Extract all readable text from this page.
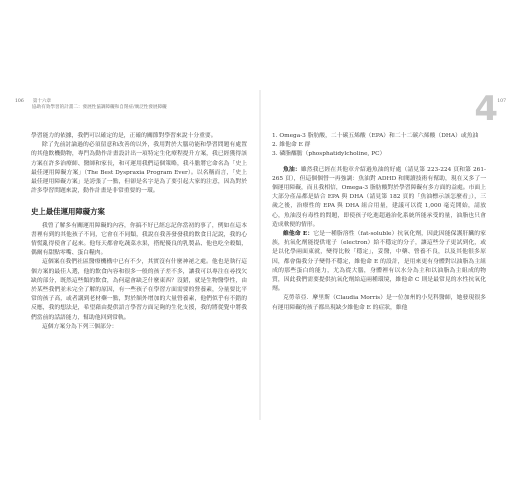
106 第十六章
協助有效學習的計畫二：發展性協調障礙和自閉症/廣泛性發展障礙

學習能力的依據，我們可以確定的是，正確的關節對學習來說十分重要。

除了先前討論過的必須留意和改善的以外，我用對於大腦功能和學習問題有處置的其他飲機動物，專門為動作計畫設計出一項特定生化療程提升方案，我已經獲得該方案在許多治療師、醫師和家長，和可運用我們這個策略，我斗膽將它命名為「史上最佳運用障礙方案」（The Best Dyspraxia Program Ever）。以名稱而言，「史上最佳運用障礙方案」是誇張了一點，但卻是名字是為了要引起大家的注意，因為對於許多學習問題來說，動作計畫是非常重要的一環。

史上最佳運用障礙方案

我曾了解多有關運用障礙的內容，你搞不好已經忘記你當初的事了，例如在這本書裡有到的其他孩子不同，它會在不同類，我說在我善發發我的飲食日記說，我的心情慌亂得使會了起來。他每天都會吃蔬菜水果，搭配優良的乳製品、他也吃全穀類，偶爾有甜點零嘴、蛋白糧肉。

這個案在我們社區醫療機構中已有不少，其實沒有什麼神祕之處。他也是執行這個方案的最佳人選，他的飲食內容和很多一般的孩子差不多，讓我可以專注在尋找欠缺的部分，既然這些類的飲食，為何還會缺乏什麼東西？沒錯，就是生物醫學性，由於某些我們並未完全了解的原因，有一些孩子在學習方面需要的營養素，分量要比平常的孩子高，或者講到老材藥一點，對於額外增加的大量營養素，他們似乎有不錯的反應，我的想法是，希望藉由提供語言學習方面足夠的生化支援，我的將從覺中將我們當前的話語能力，幫助他回到常軌。

這個方案分為下列三個部分：

107
4
1. Omega-3 脂肪酸，二十碳五烯酸（EPA）和二十二碳六烯酸（DHA）或魚油
2. 維他命 E 群
3. 磷脂醯膽（phosphatidylcholine, PC）

魚油：雖然我已經在其他章介紹過魚油的好處（請見第 223-224 頁和第 261-265 頁），但這個個營一再強調：魚油對 ADHD 和閱讀技術有幫助，現在又多了一個運用障礙，而且我相信，Omega-3 脂肪酸對於學習障礙有多方面的益處。市面上大部分產品都是結合 EPA 與 DHA（請見第 182 頁的「魚油標示該怎麼看」），三歲之後，治療性的 EPA 與 DHA 組合用量，建議可以從 1,000 毫克開始，請放心，魚油沒有毒性的問題，即使孩子吃進超過治化系統所能承受的量，油脂也只會造成軟便的情形。

維他命 E：它是一種脂溶性（fat-soluble）抗氧化劑，因此因能保護肝臟的家族，抗氧化劑能提供電子（electron）給不穩定的分子，讓這些分子更試到化，或是以化學兩面東就，變得比較「穩定」，妥醫，中藥、營養不良，以及其他很多原因，都會傷我分子變得不穩定，維他命 E 的設計，是用來更有身體對以油脂為主組成的那些蛋白的能力，尤為從大腦，身體裡有以水分為主和以油脂為主組成的物質，因此我們需要提供抗氧化劑給這兩種環境，維他命 C 則是最常見的水性抗氧化劑。

克勞蒂亞．摩里斯（Claudia Morris）是一位加州的小兒科醫師，她發現很多有運用障礙的孩子都出現缺少維他命 E 的症狀，維他
